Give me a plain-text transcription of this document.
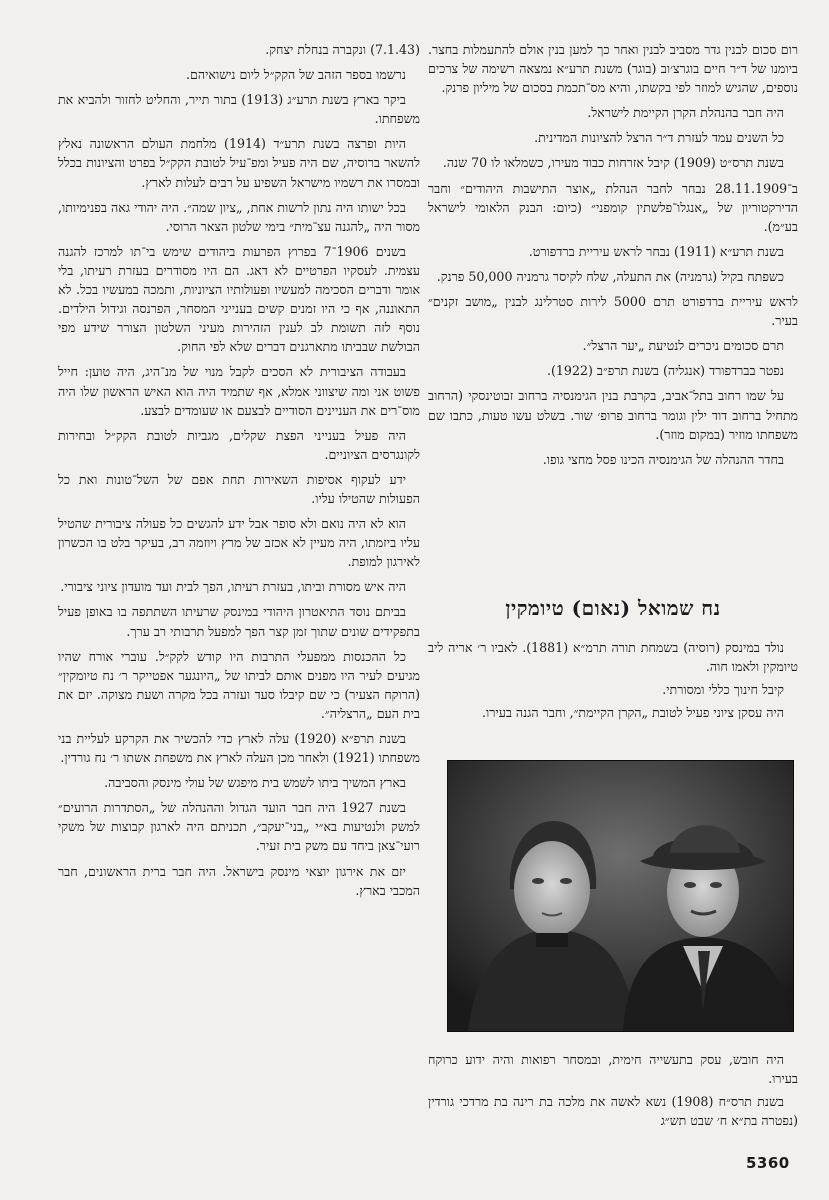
רום סכום לבנין גדר מסביב לבנין ואחר כך למען בנין אולם להתעמלות בחצר. ביומנו של ד״ר חיים בוגרצ׳וב (בוגר) משנת תרע״א נמצאה רשימה של צרכים נוספים, שהגיש למוזר לפי בקשתו, והיא מס־תכמת בסכום של מיליון פרנק.

היה חבר בהנהלת הקרן הקיימת לישראל.

כל השנים עמד לעזרת ד״ר הרצל להציונות המדינית.

בשנת תרס״ט (1909) קיבל אזרחות כבוד מעירו, כשמלאו לו 70 שנה.

ב־28.11.1909 נבחר לחבר הנהלת „אוצר התישבות היהודים״ וחבר הדירקטוריון של „אנגלו־פלשתין קומפני״ (כיום: הבנק הלאומי לישראל בע״מ).

בשנת תרע״א (1911) נבחר לראש עיריית ברדפורט.

כשפתח בקיל (גרמניה) את התעלה, שלח לקיסר גרמניה 50,000 פרנק.

לראש עיריית ברדפורט תרם 5000 לירות סטרלינג לבנין „מושב זקנים״ בעיר.

תרם סכומים ניכרים לנטיעת „יער הרצל״.

נפטר בברדפורד (אנגליה) בשנת תרפ״ב (1922).

על שמו רחוב בתל־אביב, בקרבת בנין הגימנסיה ברחוב זבוטינסקי (הרחוב מתחיל ברחוב דוד ילין וגומר ברחוב פרופ׳ שור. בשלט עשו טעות, כתבו שם משפחתו מוזיר (במקום מוזר).

בחדר ההנהלה של הגימנסיה הכינו פסל מחצי גופו.

נח שמואל (נאום) טיומקין

נולד במינסק (רוסיה) בשמחת תורה תרמ״א (1881). לאביו ר׳ אריה ליב טיומקין ולאמו חוה.

קיבל חינוך כללי ומסורתי.

היה עסקן ציוני פעיל לטובת „הקרן הקיימת״, וחבר הגנה בעירו.

היה חובש, עסק בתעשייה חימית, ובמסחר רפואות והיה ידוע כרוקח בעירו.

בשנת תרס״ח (1908) נשא לאשה את מלכה בת רינה בת מרדכי גורדין (נפטרה בת״א ח׳ שבט תש״ג

(7.1.43) ונקברה בנחלת יצחק.

נרשמו בספר הזהב של הקק״ל ליום נישואיהם.

ביקר בארץ בשנת תרע״ג (1913) בתור תייר, והחליט לחזור ולהביא את משפחתו.

היות ופרצה בשנת תרע״ד (1914) מלחמת העולם הראשונה נאלץ להשאר ברוסיה, שם היה פעיל ומפ־עיל לטובת הקק״ל בפרט והציונות בכלל ובמסרו את רשמיו מישראל השפיע על רבים לעלות לארץ.

בכל ישותו היה נתון לרשות אחת, „ציון שמה״. היה יהודי גאה בפנימיותו, מסור היה „להגנה עצ־מית״ בימי שלטון הצאר הרוסי.

בשנים 1906־7 בפרוץ הפרעות ביהודים שימש בי־תו למרכז להגנה עצמית. לעסקיו הפרטיים לא דאג. הם היו מסודרים בעזרת רעיתו, בלי אומר ודברים הסכימה למעשיו ופעולותיו הציוניות, ותמכה במעשיו בכל. לא התאוננה, אף כי היו זמנים קשים בענייני המסחר, הפרנסה וגידול הילדים. נוסף לזה תשומת לב לענין הזהירות מעיני השלטון הצורר שידע מפי הבולשת שבביתו מתארגנים דברים שלא לפי החוק.

בעבודה הציבורית לא הסכים לקבל מנוי של מנ־היג, היה טוען: חייל פשוט אני ומה שיצווני אמלא, אף שתמיד היה הוא האיש הראשון שלו היה מוס־רים את העניינים הסודיים לבצעם או שעומדים לבצע.

היה פעיל בענייני הפצת שקלים, מגביות לטובת הקק״ל ובחירות לקונגרסים הציוניים.

ידע לעקוף אסיפות השאירות תחת אפם של השל־טונות ואת כל הפעולות שהטילו עליו.

הוא לא היה נואם ולא סופר אבל ידע להגשים כל פעולה ציבורית שהטיל עליו ביזמתו, היה מעיין לא אכזב של מרץ ויוזמה רב, בעיקר בלט בו הכשרון לאירגון למופת.

היה איש מסורת וביתו, בעזרת רעיתו, הפך לבית ועד מועדון ציוני ציבורי.

בביתם נוסד התיאטרון היהודי במינסק שרעיתו השתתפה בו באופן פעיל בתפקידים שונים שתוך זמן קצר הפך למפעל תרבותי רב ערך.

כל ההכנסות ממפעלי התרבות היו קודש לקק״ל. עוברי אורח שהיו מגיעים לעיר היו מפנים אותם לביתו של „היונגער אפטייקר ר׳ נח טיומקין״ (הרוקח הצעיר) כי שם קיבלו סעד ועזרה בכל מקרה ושעת מצוקה. יזם את בית העם „הרצליה״.

בשנת תרפ״א (1920) עלה לארץ כדי להכשיר את הקרקע לעליית בני משפחתו (1921) ולאחר מכן העלה לארץ את משפחת אשתו ר׳ נח גורדין.

בארץ המשיך ביתו לשמש בית מיפגש של עולי מינסק והסביבה.

בשנת 1927 היה חבר הועד הגדול וההנהלה של „הסתדרות הרועים״ למשק ולנטיעות בא״י „בני־יעקב״, תכניתם היה לארגון קבוצות של משקי רועי־צאן ביחד עם משק בית זעיר.

יזם את אירגון יוצאי מינסק בישראל. היה חבר ברית הראשונים, חבר המכבי בארץ.

5360
